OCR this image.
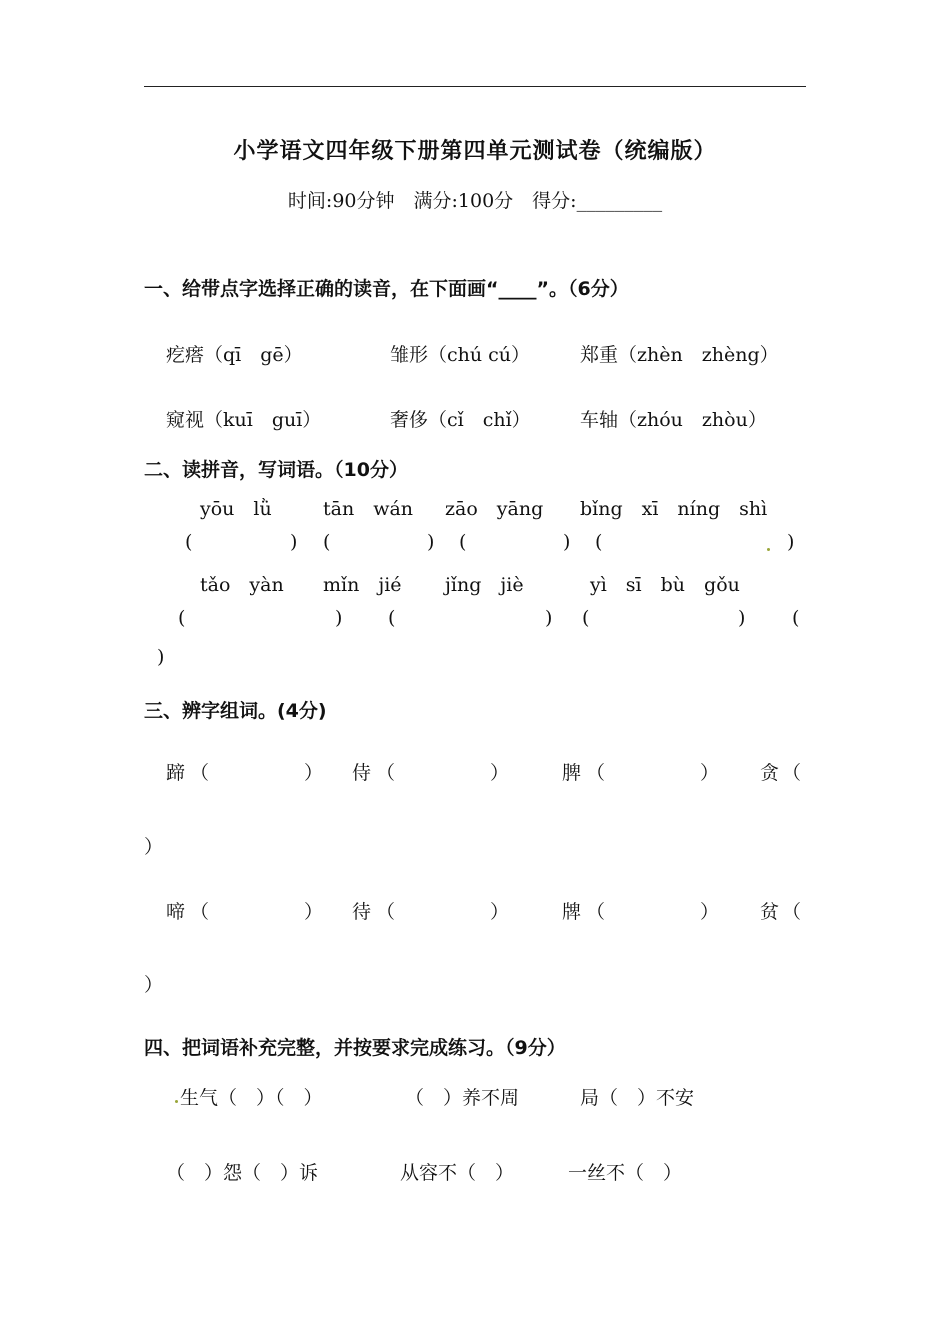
小学语文四年级下册第四单元测试卷（统编版）
时间:90分钟　满分:100分　得分:_________
一、给带点字选择正确的读音，在下面画“____”。（6分）
疙瘩（qī　gē）	雏形（chú cú）	郑重（zhèn　zhèng）
窥视（kuī　guī）	奢侈（cǐ　chǐ）	车轴（zhóu　zhòu）
二、读拼音，写词语。（10分）
yōu　lǜ	tān　wán zāo　yāng bǐng　xī　níng　shì
(	) (	) (	) (	)
tǎo　yàn mǐn　jié jǐng　jiè	yì　sī　bù　gǒu
(	) (	) (	) (
)
三、辨字组词。(4分)
蹄 （　　　　　） 侍 （　　　　　）	脾 （　　　　　） 贪 （
）
啼 （　　　　　） 待 （　　　　　）	牌 （　　　　　） 贫 （
）
四、把词语补充完整，并按要求完成练习。（9分）
生气（　）（　）	（　）养不周	局（　）不安
（　）怨（　）诉	从容不（　）	一丝不（　）
